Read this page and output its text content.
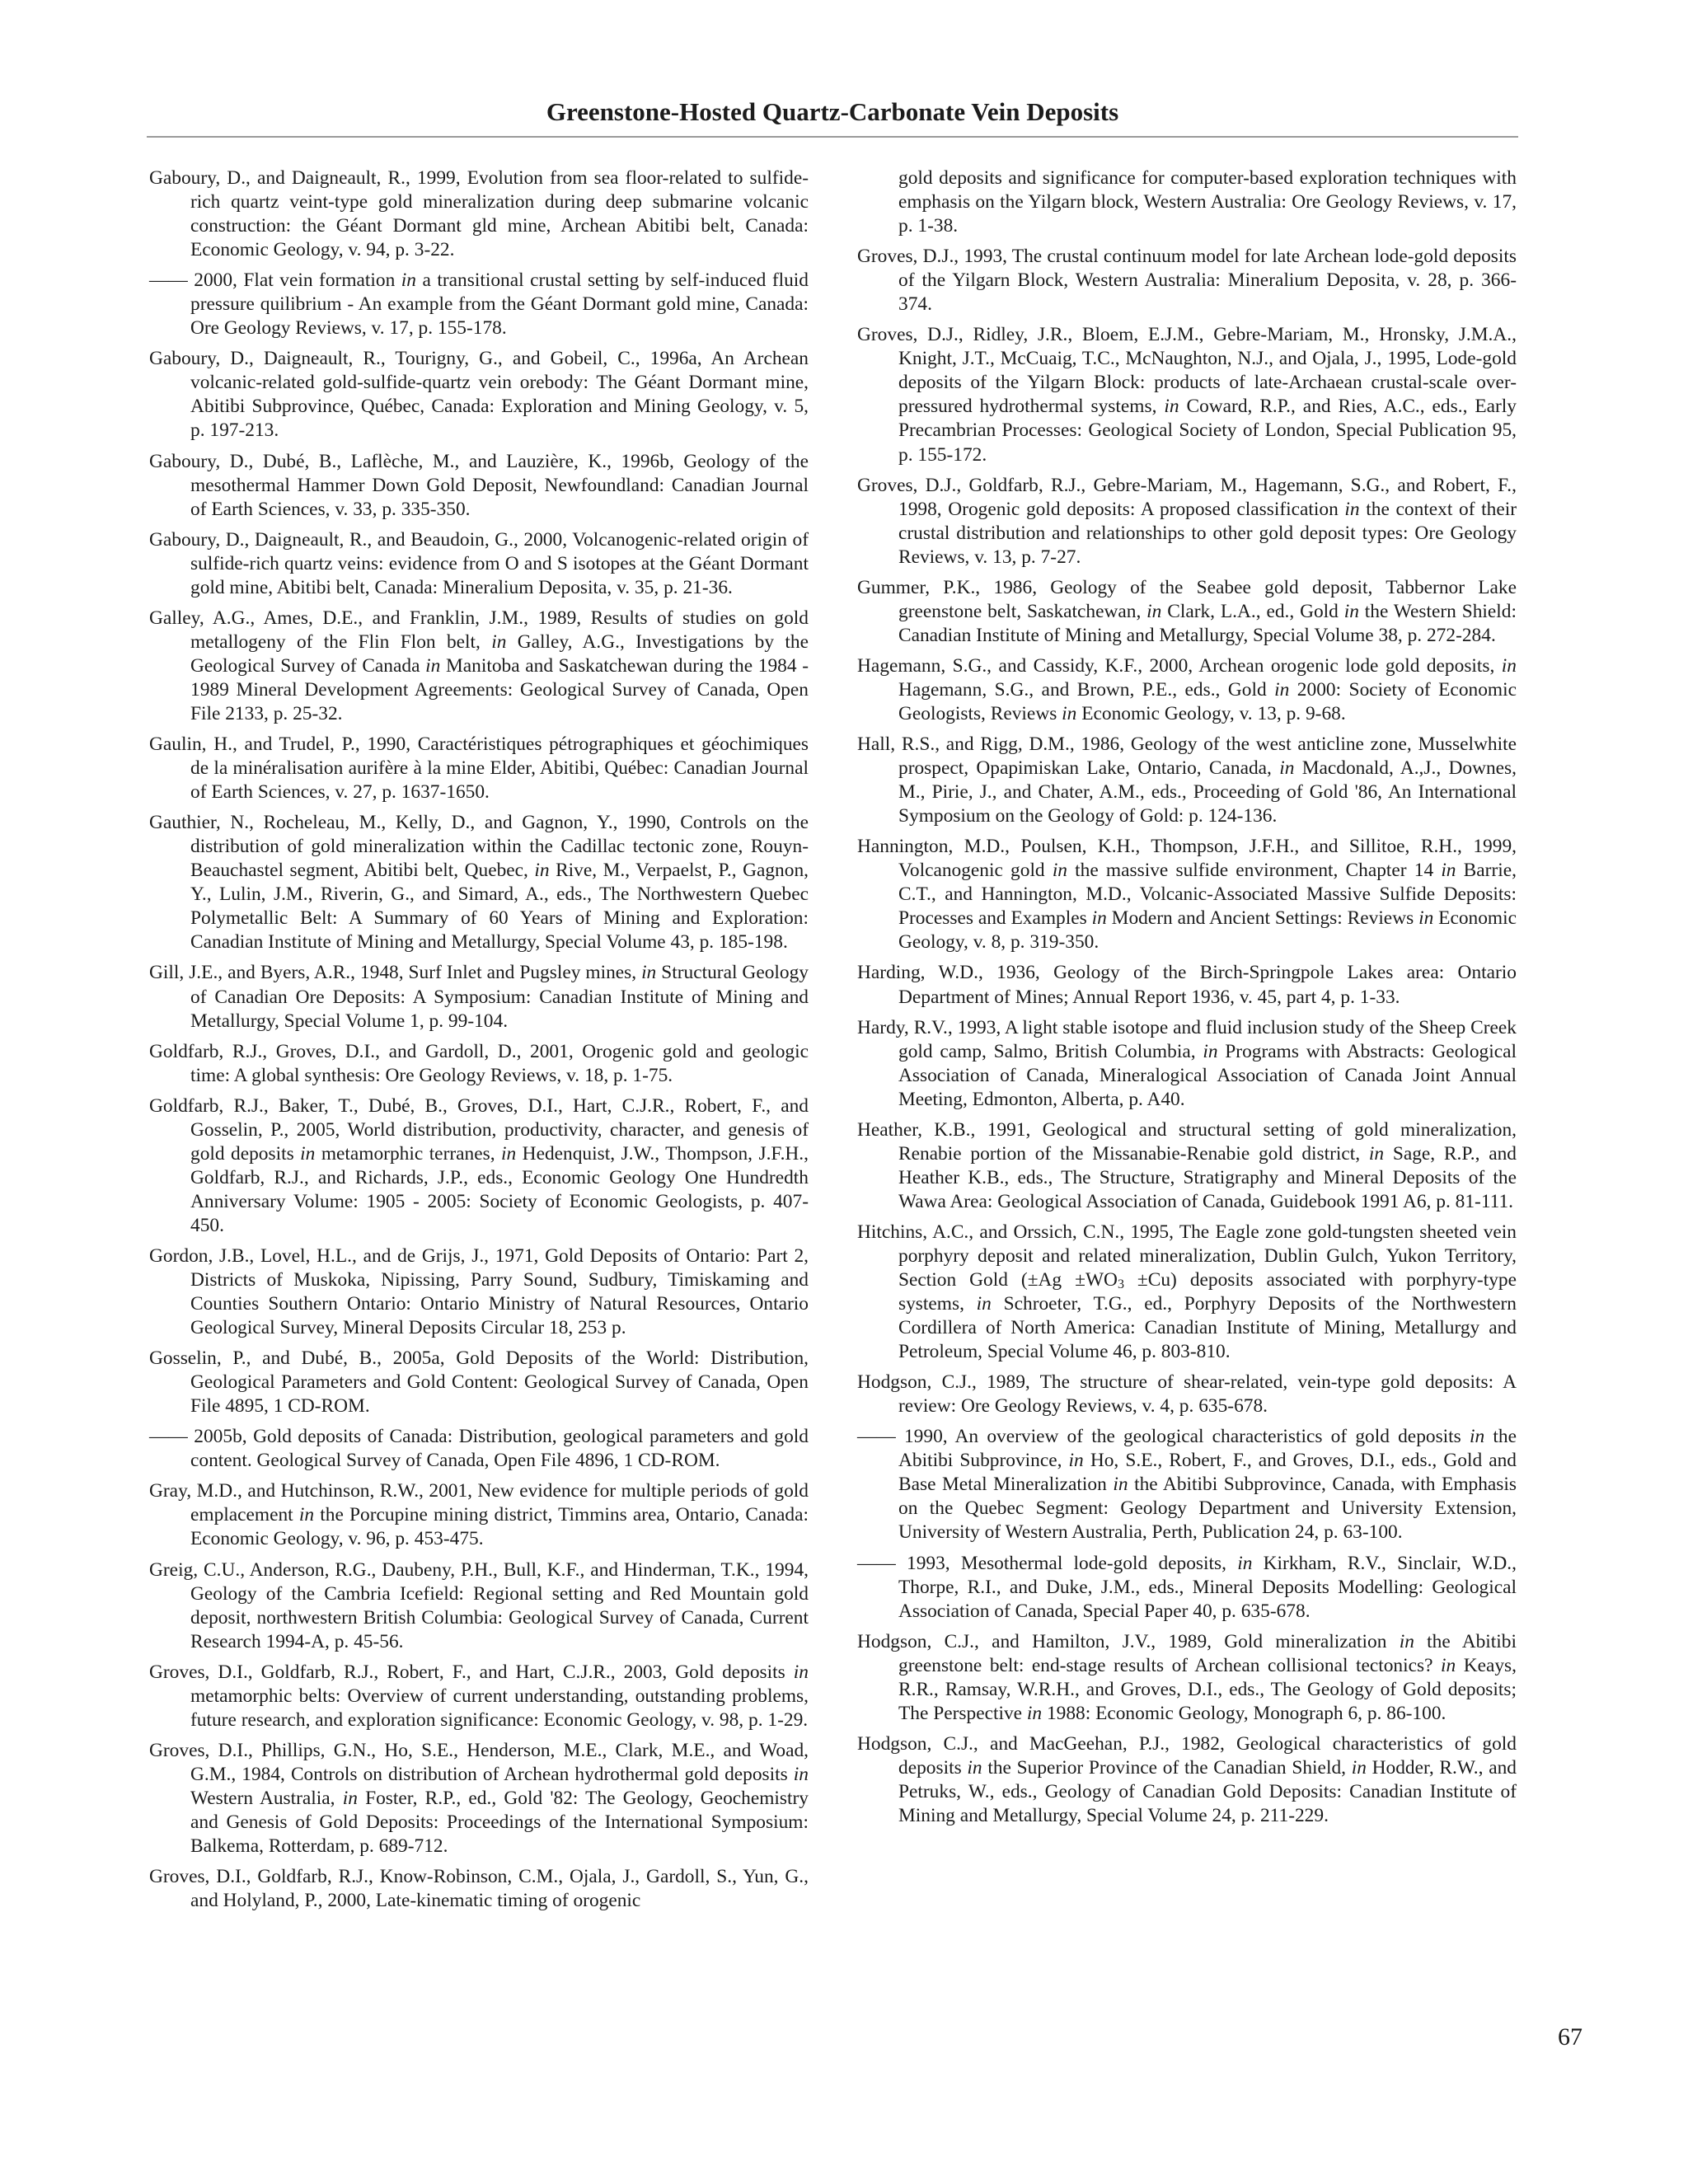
Greenstone-Hosted Quartz-Carbonate Vein Deposits

Gaboury, D., and Daigneault, R., 1999, Evolution from sea floor-related to sulfide-rich quartz veint-type gold mineralization during deep submarine volcanic construction: the Géant Dormant gld mine, Archean Abitibi belt, Canada: Economic Geology, v. 94, p. 3-22.

—— 2000, Flat vein formation in a transitional crustal setting by self-induced fluid pressure quilibrium - An example from the Géant Dormant gold mine, Canada: Ore Geology Reviews, v. 17, p. 155-178.

Gaboury, D., Daigneault, R., Tourigny, G., and Gobeil, C., 1996a, An Archean volcanic-related gold-sulfide-quartz vein orebody: The Géant Dormant mine, Abitibi Subprovince, Québec, Canada: Exploration and Mining Geology, v. 5, p. 197-213.

Gaboury, D., Dubé, B., Laflèche, M., and Lauzière, K., 1996b, Geology of the mesothermal Hammer Down Gold Deposit, Newfoundland: Canadian Journal of Earth Sciences, v. 33, p. 335-350.

Gaboury, D., Daigneault, R., and Beaudoin, G., 2000, Volcanogenic-related origin of sulfide-rich quartz veins: evidence from O and S isotopes at the Géant Dormant gold mine, Abitibi belt, Canada: Mineralium Deposita, v. 35, p. 21-36.

Galley, A.G., Ames, D.E., and Franklin, J.M., 1989, Results of studies on gold metallogeny of the Flin Flon belt, in Galley, A.G., Investigations by the Geological Survey of Canada in Manitoba and Saskatchewan during the 1984 - 1989 Mineral Development Agreements: Geological Survey of Canada, Open File 2133, p. 25-32.

Gaulin, H., and Trudel, P., 1990, Caractéristiques pétrographiques et géochimiques de la minéralisation aurifère à la mine Elder, Abitibi, Québec: Canadian Journal of Earth Sciences, v. 27, p. 1637-1650.

Gauthier, N., Rocheleau, M., Kelly, D., and Gagnon, Y., 1990, Controls on the distribution of gold mineralization within the Cadillac tectonic zone, Rouyn-Beauchastel segment, Abitibi belt, Quebec, in Rive, M., Verpaelst, P., Gagnon, Y., Lulin, J.M., Riverin, G., and Simard, A., eds., The Northwestern Quebec Polymetallic Belt: A Summary of 60 Years of Mining and Exploration: Canadian Institute of Mining and Metallurgy, Special Volume 43, p. 185-198.

Gill, J.E., and Byers, A.R., 1948, Surf Inlet and Pugsley mines, in Structural Geology of Canadian Ore Deposits: A Symposium: Canadian Institute of Mining and Metallurgy, Special Volume 1, p. 99-104.

Goldfarb, R.J., Groves, D.I., and Gardoll, D., 2001, Orogenic gold and geologic time: A global synthesis: Ore Geology Reviews, v. 18, p. 1-75.

Goldfarb, R.J., Baker, T., Dubé, B., Groves, D.I., Hart, C.J.R., Robert, F., and Gosselin, P., 2005, World distribution, productivity, character, and genesis of gold deposits in metamorphic terranes, in Hedenquist, J.W., Thompson, J.F.H., Goldfarb, R.J., and Richards, J.P., eds., Economic Geology One Hundredth Anniversary Volume: 1905 - 2005: Society of Economic Geologists, p. 407-450.

Gordon, J.B., Lovel, H.L., and de Grijs, J., 1971, Gold Deposits of Ontario: Part 2, Districts of Muskoka, Nipissing, Parry Sound, Sudbury, Timiskaming and Counties Southern Ontario: Ontario Ministry of Natural Resources, Ontario Geological Survey, Mineral Deposits Circular 18, 253 p.

Gosselin, P., and Dubé, B., 2005a, Gold Deposits of the World: Distribution, Geological Parameters and Gold Content: Geological Survey of Canada, Open File 4895, 1 CD-ROM.

—— 2005b, Gold deposits of Canada: Distribution, geological parameters and gold content. Geological Survey of Canada, Open File 4896, 1 CD-ROM.

Gray, M.D., and Hutchinson, R.W., 2001, New evidence for multiple periods of gold emplacement in the Porcupine mining district, Timmins area, Ontario, Canada: Economic Geology, v. 96, p. 453-475.

Greig, C.U., Anderson, R.G., Daubeny, P.H., Bull, K.F., and Hinderman, T.K., 1994, Geology of the Cambria Icefield: Regional setting and Red Mountain gold deposit, northwestern British Columbia: Geological Survey of Canada, Current Research 1994-A, p. 45-56.

Groves, D.I., Goldfarb, R.J., Robert, F., and Hart, C.J.R., 2003, Gold deposits in metamorphic belts: Overview of current understanding, outstanding problems, future research, and exploration significance: Economic Geology, v. 98, p. 1-29.

Groves, D.I., Phillips, G.N., Ho, S.E., Henderson, M.E., Clark, M.E., and Woad, G.M., 1984, Controls on distribution of Archean hydrothermal gold deposits in Western Australia, in Foster, R.P., ed., Gold '82: The Geology, Geochemistry and Genesis of Gold Deposits: Proceedings of the International Symposium: Balkema, Rotterdam, p. 689-712.

Groves, D.I., Goldfarb, R.J., Know-Robinson, C.M., Ojala, J., Gardoll, S., Yun, G., and Holyland, P., 2000, Late-kinematic timing of orogenic

gold deposits and significance for computer-based exploration techniques with emphasis on the Yilgarn block, Western Australia: Ore Geology Reviews, v. 17, p. 1-38.

Groves, D.J., 1993, The crustal continuum model for late Archean lode-gold deposits of the Yilgarn Block, Western Australia: Mineralium Deposita, v. 28, p. 366-374.

Groves, D.J., Ridley, J.R., Bloem, E.J.M., Gebre-Mariam, M., Hronsky, J.M.A., Knight, J.T., McCuaig, T.C., McNaughton, N.J., and Ojala, J., 1995, Lode-gold deposits of the Yilgarn Block: products of late-Archaean crustal-scale over-pressured hydrothermal systems, in Coward, R.P., and Ries, A.C., eds., Early Precambrian Processes: Geological Society of London, Special Publication 95, p. 155-172.

Groves, D.J., Goldfarb, R.J., Gebre-Mariam, M., Hagemann, S.G., and Robert, F., 1998, Orogenic gold deposits: A proposed classification in the context of their crustal distribution and relationships to other gold deposit types: Ore Geology Reviews, v. 13, p. 7-27.

Gummer, P.K., 1986, Geology of the Seabee gold deposit, Tabbernor Lake greenstone belt, Saskatchewan, in Clark, L.A., ed., Gold in the Western Shield: Canadian Institute of Mining and Metallurgy, Special Volume 38, p. 272-284.

Hagemann, S.G., and Cassidy, K.F., 2000, Archean orogenic lode gold deposits, in Hagemann, S.G., and Brown, P.E., eds., Gold in 2000: Society of Economic Geologists, Reviews in Economic Geology, v. 13, p. 9-68.

Hall, R.S., and Rigg, D.M., 1986, Geology of the west anticline zone, Musselwhite prospect, Opapimiskan Lake, Ontario, Canada, in Macdonald, A.,J., Downes, M., Pirie, J., and Chater, A.M., eds., Proceeding of Gold '86, An International Symposium on the Geology of Gold: p. 124-136.

Hannington, M.D., Poulsen, K.H., Thompson, J.F.H., and Sillitoe, R.H., 1999, Volcanogenic gold in the massive sulfide environment, Chapter 14 in Barrie, C.T., and Hannington, M.D., Volcanic-Associated Massive Sulfide Deposits: Processes and Examples in Modern and Ancient Settings: Reviews in Economic Geology, v. 8, p. 319-350.

Harding, W.D., 1936, Geology of the Birch-Springpole Lakes area: Ontario Department of Mines; Annual Report 1936, v. 45, part 4, p. 1-33.

Hardy, R.V., 1993, A light stable isotope and fluid inclusion study of the Sheep Creek gold camp, Salmo, British Columbia, in Programs with Abstracts: Geological Association of Canada, Mineralogical Association of Canada Joint Annual Meeting, Edmonton, Alberta, p. A40.

Heather, K.B., 1991, Geological and structural setting of gold mineralization, Renabie portion of the Missanabie-Renabie gold district, in Sage, R.P., and Heather K.B., eds., The Structure, Stratigraphy and Mineral Deposits of the Wawa Area: Geological Association of Canada, Guidebook 1991 A6, p. 81-111.

Hitchins, A.C., and Orssich, C.N., 1995, The Eagle zone gold-tungsten sheeted vein porphyry deposit and related mineralization, Dublin Gulch, Yukon Territory, Section Gold $(\pm Ag \pm WO_3 \pm Cu)$ deposits associated with porphyry-type systems, in Schroeter, T.G., ed., Porphyry Deposits of the Northwestern Cordillera of North America: Canadian Institute of Mining, Metallurgy and Petroleum, Special Volume 46, p. 803-810.

Hodgson, C.J., 1989, The structure of shear-related, vein-type gold deposits: A review: Ore Geology Reviews, v. 4, p. 635-678.

—— 1990, An overview of the geological characteristics of gold deposits in the Abitibi Subprovince, in Ho, S.E., Robert, F., and Groves, D.I., eds., Gold and Base Metal Mineralization in the Abitibi Subprovince, Canada, with Emphasis on the Quebec Segment: Geology Department and University Extension, University of Western Australia, Perth, Publication 24, p. 63-100.

—— 1993, Mesothermal lode-gold deposits, in Kirkham, R.V., Sinclair, W.D., Thorpe, R.I., and Duke, J.M., eds., Mineral Deposits Modelling: Geological Association of Canada, Special Paper 40, p. 635-678.

Hodgson, C.J., and Hamilton, J.V., 1989, Gold mineralization in the Abitibi greenstone belt: end-stage results of Archean collisional tectonics? in Keays, R.R., Ramsay, W.R.H., and Groves, D.I., eds., The Geology of Gold deposits; The Perspective in 1988: Economic Geology, Monograph 6, p. 86-100.

Hodgson, C.J., and MacGeehan, P.J., 1982, Geological characteristics of gold deposits in the Superior Province of the Canadian Shield, in Hodder, R.W., and Petruks, W., eds., Geology of Canadian Gold Deposits: Canadian Institute of Mining and Metallurgy, Special Volume 24, p. 211-229.

67
